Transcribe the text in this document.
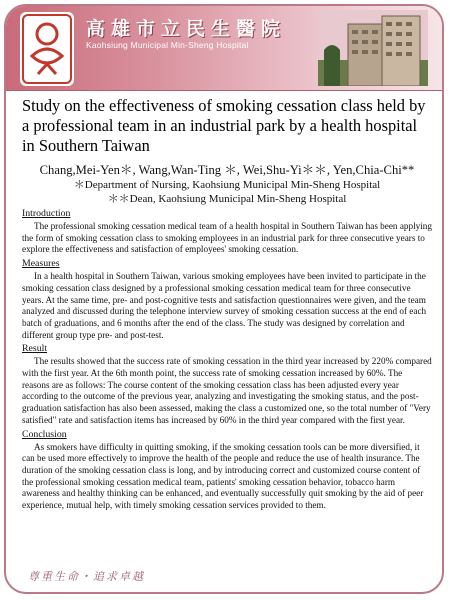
高雄市立民生醫院
Kaohsiung Municipal Min-Sheng Hospital
Study on the effectiveness of smoking cessation class held by a professional team in an industrial park by a health hospital in Southern Taiwan
Chang,Mei-Yen＊, Wang,Wan-Ting ＊, Wei,Shu-Yi＊＊, Yen,Chia-Chi**
＊Department of Nursing, Kaohsiung Municipal Min-Sheng Hospital
＊＊Dean, Kaohsiung Municipal Min-Sheng Hospital
Introduction

The professional smoking cessation medical team of a health hospital in Southern Taiwan has been applying the form of smoking cessation class to smoking employees in an industrial park for three consecutive years to explore the effectiveness and satisfaction of employees' smoking cessation.

Measures

In a health hospital in Southern Taiwan, various smoking employees have been invited to participate in the smoking cessation class designed by a professional smoking cessation medical team for three consecutive years. At the same time, pre- and post-cognitive tests and satisfaction questionnaires were given, and the team analyzed and discussed during the telephone interview survey of smoking cessation success at the end of each batch of graduations, and 6 months after the end of the class. The study was designed by correlation and different group type pre- and post-test.

Result

The results showed that the success rate of smoking cessation in the third year increased by 220% compared with the first year. At the 6th month point, the success rate of smoking cessation increased by 60%. The reasons are as follows: The course content of the smoking cessation class has been adjusted every year according to the outcome of the previous year, analyzing and investigating the smoking status, and the post-graduation satisfaction has also been assessed, making the class a customized one, so the total number of "Very satisfied" rate and satisfaction items has increased by 60% in the third year compared with the first year.

Conclusion

As smokers have difficulty in quitting smoking, if the smoking cessation tools can be more diversified, it can be used more effectively to improve the health of the people and reduce the use of health insurance. The duration of the smoking cessation class is long, and by introducing correct and customized course content of the professional smoking cessation medical team, patients' smoking cessation behavior, tobacco harm awareness and healthy thinking can be enhanced, and eventually successfully quit smoking by the aid of peer experience, mutual help, with timely smoking cessation services provided to them.

尊重生命・追求卓越
